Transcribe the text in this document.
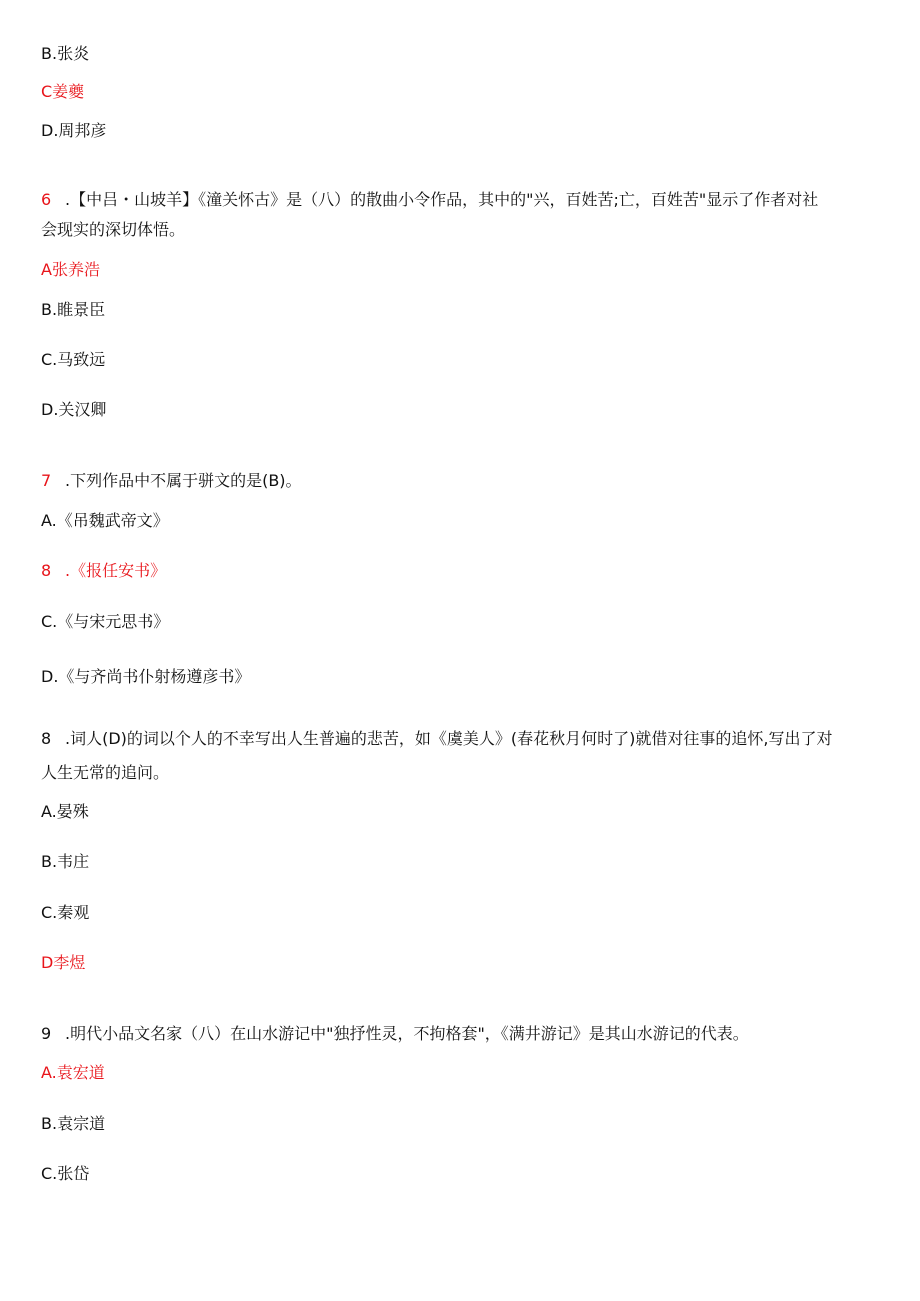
B.张炎
C姜夔
D.周邦彦
6 .【中吕・山坡羊】《潼关怀古》是（八）的散曲小令作品，其中的"兴，百姓苦;亡，百姓苦"显示了作者对社
会现实的深切体悟。
A张养浩
B.睢景臣
C.马致远
D.关汉卿
7 .下列作品中不属于骈文的是(B)。
A.《吊魏武帝文》
8 .《报任安书》
C.《与宋元思书》
D.《与齐尚书仆射杨遵彦书》
8 .词人(D)的词以个人的不幸写出人生普遍的悲苦，如《虞美人》(春花秋月何时了)就借对往事的追怀,写出了对
人生无常的追问。
A.晏殊
B.韦庄
C.秦观
D李煜
9 .明代小品文名家（八）在山水游记中"独抒性灵，不拘格套"，《满井游记》是其山水游记的代表。
A.袁宏道
B.袁宗道
C.张岱
